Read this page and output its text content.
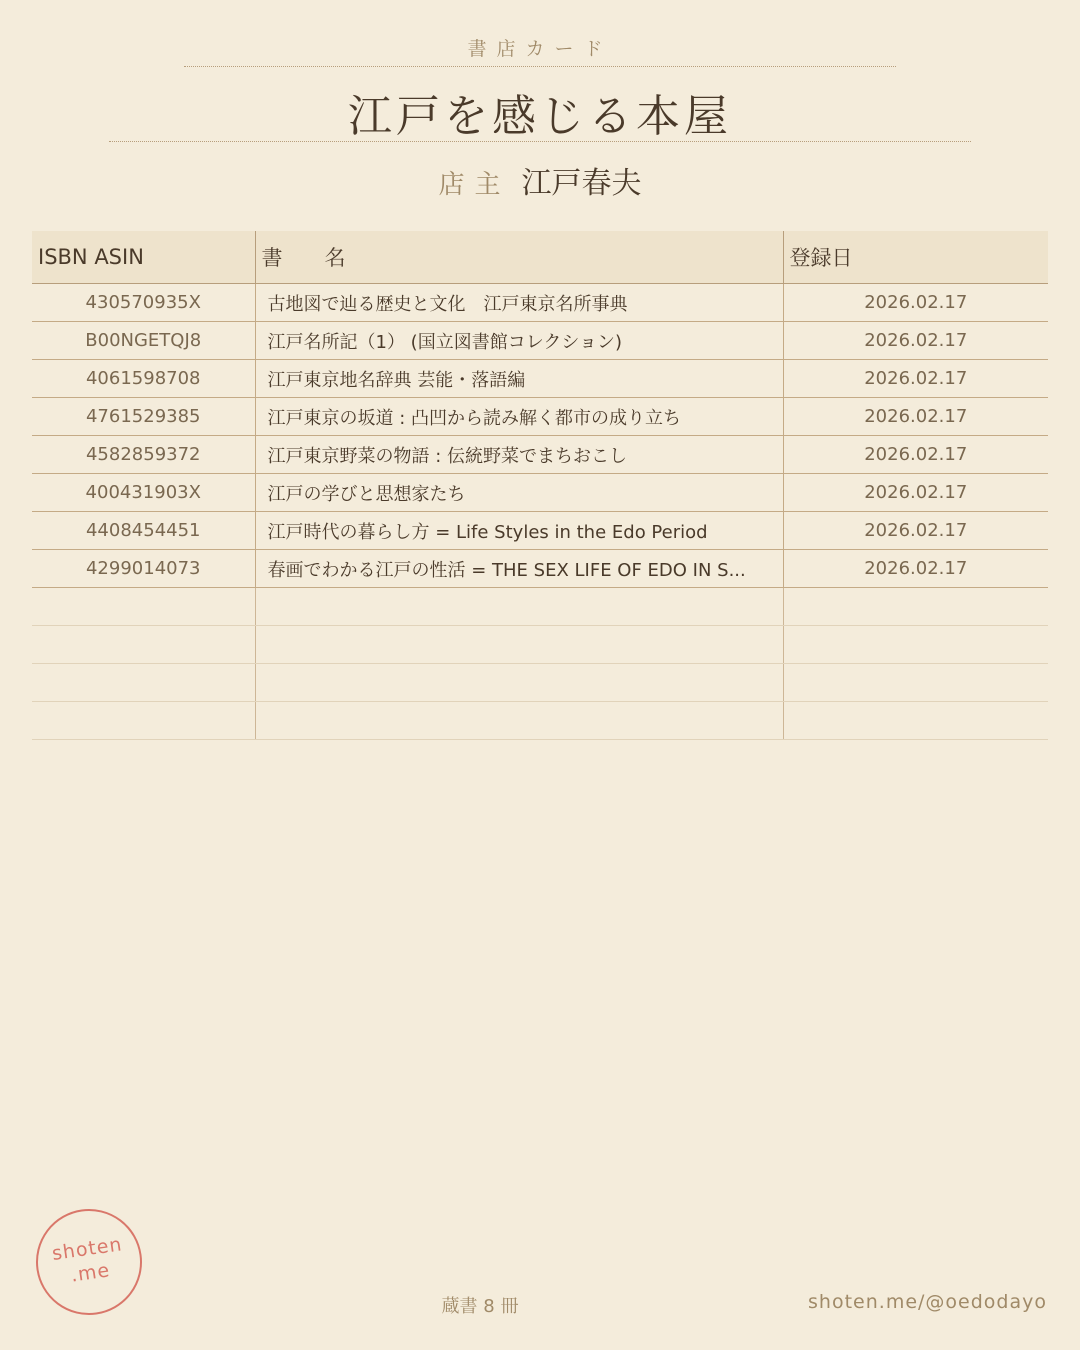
書店カード
江戸を感じる本屋
店主 江戸春夫
ISBN ASIN	書　　名	登録日
430570935X	古地図で辿る歴史と文化　江戸東京名所事典	2026.02.17
B00NGETQJ8	江戸名所記（1） (国立図書館コレクション)	2026.02.17
4061598708	江戸東京地名辞典 芸能・落語編	2026.02.17
4761529385	江戸東京の坂道 : 凸凹から読み解く都市の成り立ち	2026.02.17
4582859372	江戸東京野菜の物語 : 伝統野菜でまちおこし	2026.02.17
400431903X	江戸の学びと思想家たち	2026.02.17
4408454451	江戸時代の暮らし方 = Life Styles in the Edo Period	2026.02.17
4299014073	春画でわかる江戸の性活 = THE SEX LIFE OF EDO IN S...	2026.02.17

shoten
.me
蔵書 8 冊	shoten.me/@oedodayo
